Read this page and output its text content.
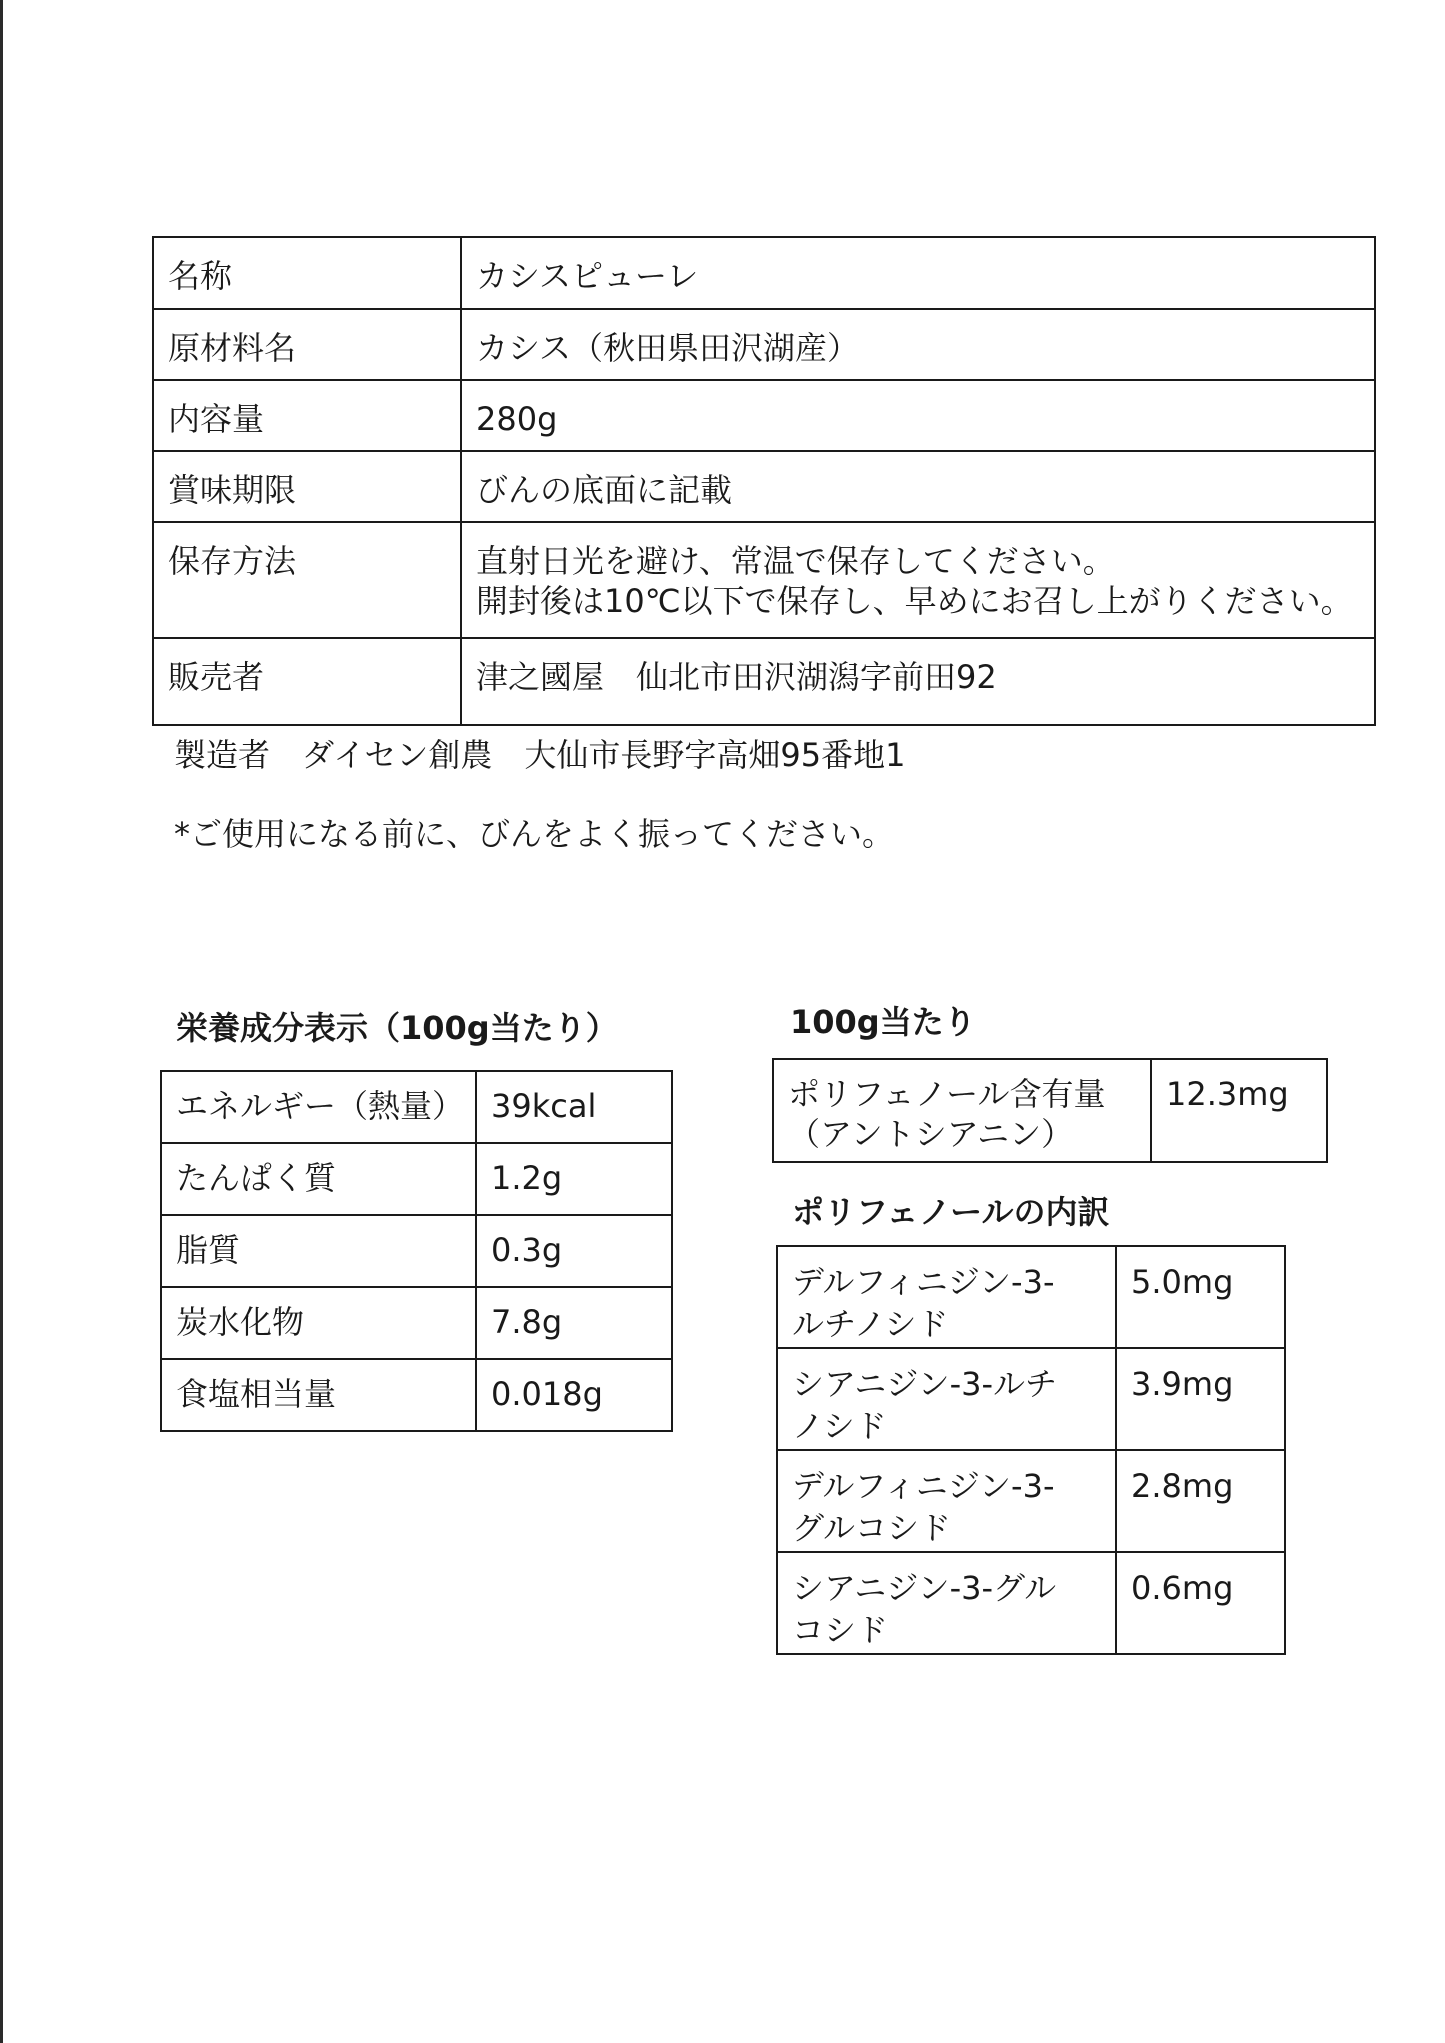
名称	カシスピューレ
原材料名	カシス（秋田県田沢湖産）
内容量	280g
賞味期限	びんの底面に記載
保存方法	直射日光を避け、常温で保存してください。
開封後は10℃以下で保存し、早めにお召し上がりください。

販売者	津之國屋　仙北市田沢湖潟字前田92
製造者　ダイセン創農　大仙市長野字高畑95番地1
*ご使用になる前に、びんをよく振ってください。
栄養成分表示（100g当たり）
エネルギー（熱量）	39kcal
たんぱく質	1.2g
脂質	0.3g
炭水化物	7.8g
食塩相当量	0.018g
100g当たり
ポリフェノール含有量
（アントシアニン）
	12.3mg
ポリフェノールの内訳
デルフィニジン-3-
ルチノシド	5.0mg

シアニジン-3-ルチ
ノシド	3.9mg

デルフィニジン-3-
グルコシド	2.8mg

シアニジン-3-グル
コシド	0.6mg
